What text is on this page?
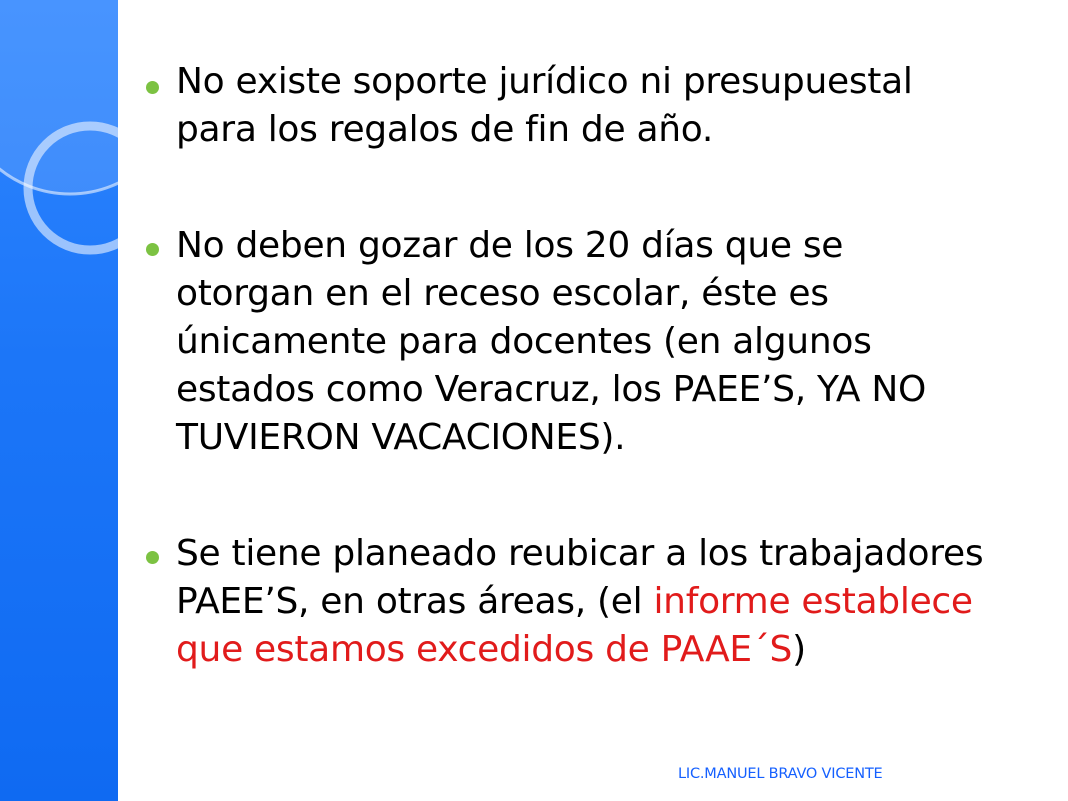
No existe soporte jurídico ni presupuestal
para los regalos de fin de año.
No deben gozar de los 20 días que se
otorgan en el receso escolar, éste es
únicamente para docentes (en algunos
estados como Veracruz, los PAEE’S, YA NO
TUVIERON VACACIONES).
Se tiene planeado reubicar a los trabajadores
PAEE’S, en otras áreas, (el informe establece
que estamos excedidos de PAAE´S)
LIC.MANUEL BRAVO VICENTE
